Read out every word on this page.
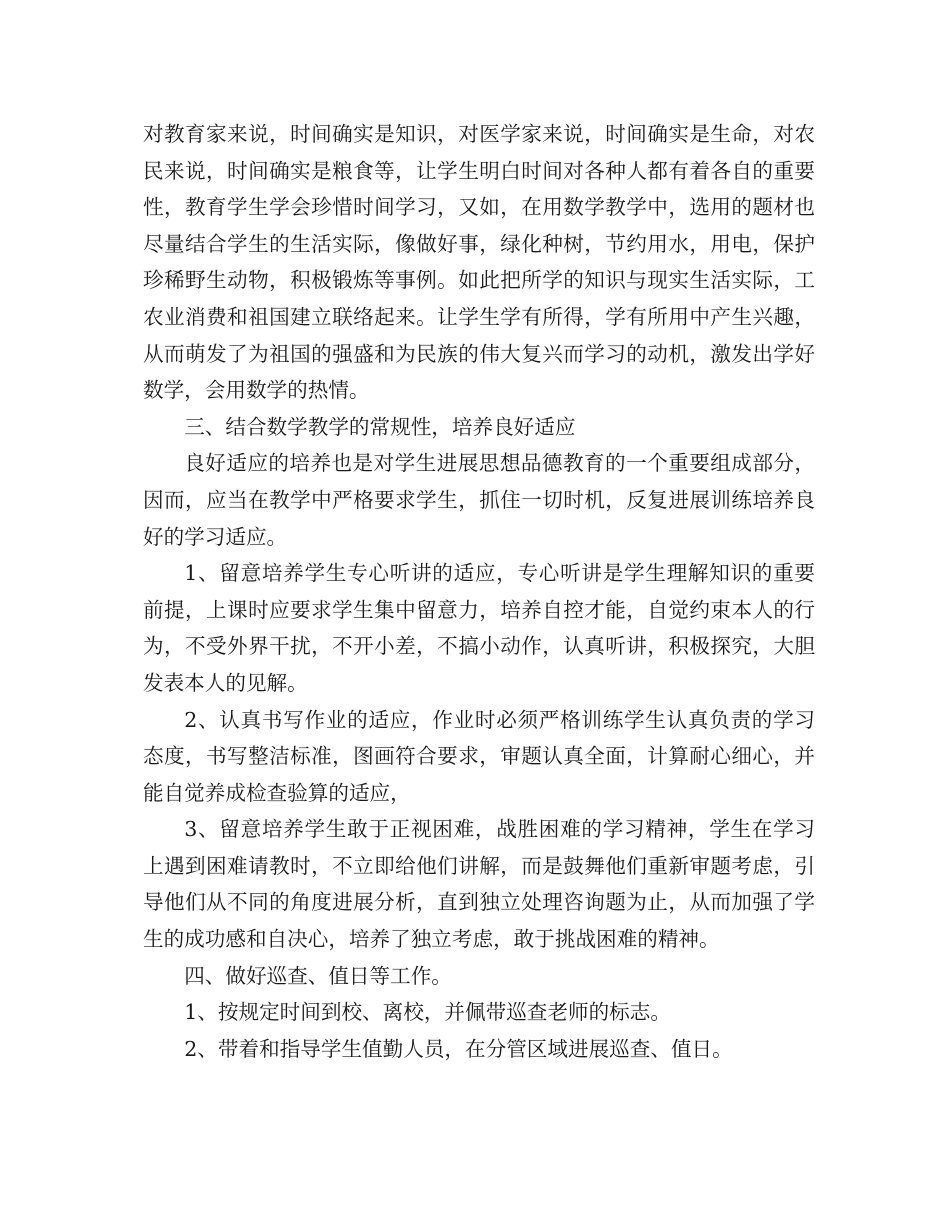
对教育家来说，时间确实是知识，对医学家来说，时间确实是生命，对农民来说，时间确实是粮食等，让学生明白时间对各种人都有着各自的重要性，教育学生学会珍惜时间学习，又如，在用数学教学中，选用的题材也尽量结合学生的生活实际，像做好事，绿化种树，节约用水，用电，保护珍稀野生动物，积极锻炼等事例。如此把所学的知识与现实生活实际，工农业消费和祖国建立联络起来。让学生学有所得，学有所用中产生兴趣，从而萌发了为祖国的强盛和为民族的伟大复兴而学习的动机，激发出学好数学，会用数学的热情。

三、结合数学教学的常规性，培养良好适应

良好适应的培养也是对学生进展思想品德教育的一个重要组成部分，因而，应当在教学中严格要求学生，抓住一切时机，反复进展训练培养良好的学习适应。

1、留意培养学生专心听讲的适应，专心听讲是学生理解知识的重要前提，上课时应要求学生集中留意力，培养自控才能，自觉约束本人的行为，不受外界干扰，不开小差，不搞小动作，认真听讲，积极探究，大胆发表本人的见解。

2、认真书写作业的适应，作业时必须严格训练学生认真负责的学习态度，书写整洁标准，图画符合要求，审题认真全面，计算耐心细心，并能自觉养成检查验算的适应，

3、留意培养学生敢于正视困难，战胜困难的学习精神，学生在学习上遇到困难请教时，不立即给他们讲解，而是鼓舞他们重新审题考虑，引导他们从不同的角度进展分析，直到独立处理咨询题为止，从而加强了学生的成功感和自决心，培养了独立考虑，敢于挑战困难的精神。

四、做好巡查、值日等工作。

1、按规定时间到校、离校，并佩带巡查老师的标志。

2、带着和指导学生值勤人员，在分管区域进展巡查、值日。
